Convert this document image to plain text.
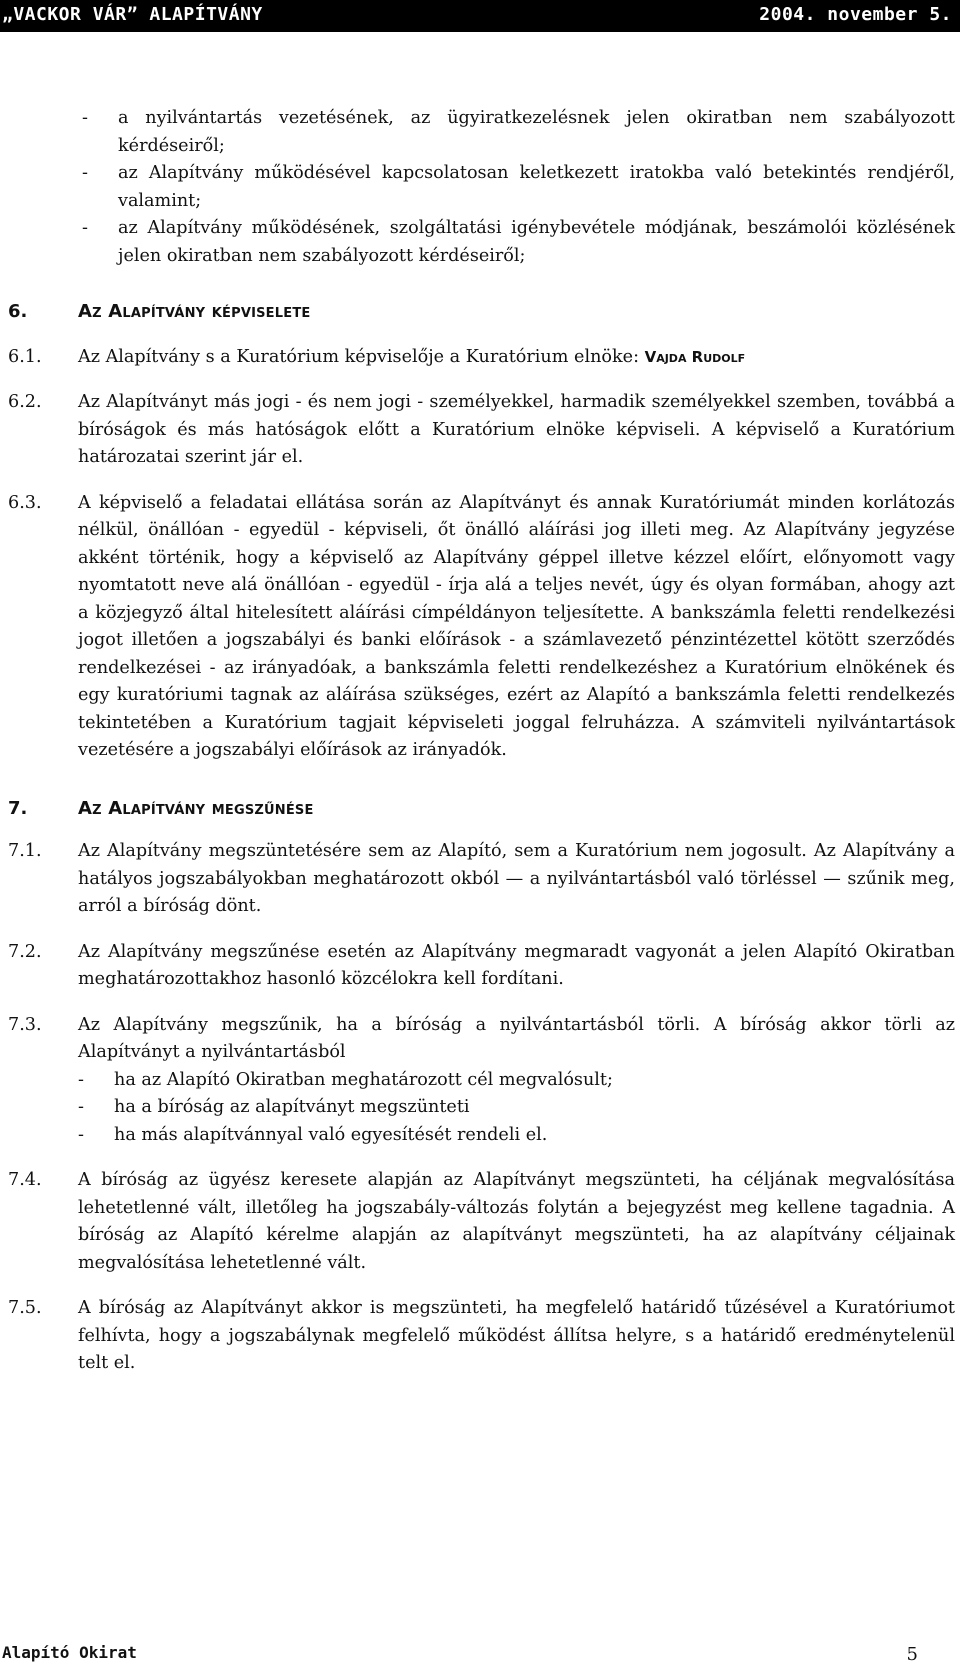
„VACKOR VÁR” ALAPÍTVÁNY	2004. november 5.
-	a nyilvántartás vezetésének, az ügyiratkezelésnek jelen okiratban nem szabályozott kérdéseiről;
-	az Alapítvány működésével kapcsolatosan keletkezett iratokba való betekintés rendjéről, valamint;
-	az Alapítvány működésének, szolgáltatási igénybevétele módjának, beszámolói közlésének jelen okiratban nem szabályozott kérdéseiről;
6.	Az Alapítvány képviselete
6.1.	Az Alapítvány s a Kuratórium képviselője a Kuratórium elnöke: Vajda Rudolf
6.2.	Az Alapítványt más jogi - és nem jogi - személyekkel, harmadik személyekkel szemben, továbbá a bíróságok és más hatóságok előtt a Kuratórium elnöke képviseli. A képviselő a Kuratórium határozatai szerint jár el.
6.3.	A képviselő a feladatai ellátása során az Alapítványt és annak Kuratóriumát minden korlátozás nélkül, önállóan - egyedül - képviseli, őt önálló aláírási jog illeti meg. Az Alapítvány jegyzése akként történik, hogy a képviselő az Alapítvány géppel illetve kézzel előírt, előnyomott vagy nyomtatott neve alá önállóan - egyedül - írja alá a teljes nevét, úgy és olyan formában, ahogy azt a közjegyző által hitelesített aláírási címpéldányon teljesítette. A bankszámla feletti rendelkezési jogot illetően a jogszabályi és banki előírások - a számlavezető pénzintézettel kötött szerződés rendelkezései - az irányadóak, a bankszámla feletti rendelkezéshez a Kuratórium elnökének és egy kuratóriumi tagnak az aláírása szükséges, ezért az Alapító a bankszámla feletti rendelkezés tekintetében a Kuratórium tagjait képviseleti joggal felruházza. A számviteli nyilvántartások vezetésére a jogszabályi előírások az irányadók.
7.	Az Alapítvány megszűnése
7.1.	Az Alapítvány megszüntetésére sem az Alapító, sem a Kuratórium nem jogosult. Az Alapítvány a hatályos jogszabályokban meghatározott okból — a nyilvántartásból való törléssel — szűnik meg, arról a bíróság dönt.
7.2.	Az Alapítvány megszűnése esetén az Alapítvány megmaradt vagyonát a jelen Alapító Okiratban meghatározottakhoz hasonló közcélokra kell fordítani.
7.3.	Az Alapítvány megszűnik, ha a bíróság a nyilvántartásból törli. A bíróság akkor törli az Alapítványt a nyilvántartásból
-	ha az Alapító Okiratban meghatározott cél megvalósult;
-	ha a bíróság az alapítványt megszünteti
-	ha más alapítvánnyal való egyesítését rendeli el.
7.4.	A bíróság az ügyész keresete alapján az Alapítványt megszünteti, ha céljának megvalósítása lehetetlenné vált, illetőleg ha jogszabály-változás folytán a bejegyzést meg kellene tagadnia. A bíróság az Alapító kérelme alapján az alapítványt megszünteti, ha az alapítvány céljainak megvalósítása lehetetlenné vált.
7.5.	A bíróság az Alapítványt akkor is megszünteti, ha megfelelő határidő tűzésével a Kuratóriumot felhívta, hogy a jogszabálynak megfelelő működést állítsa helyre, s a határidő eredménytelenül telt el.
Alapító Okirat	5
